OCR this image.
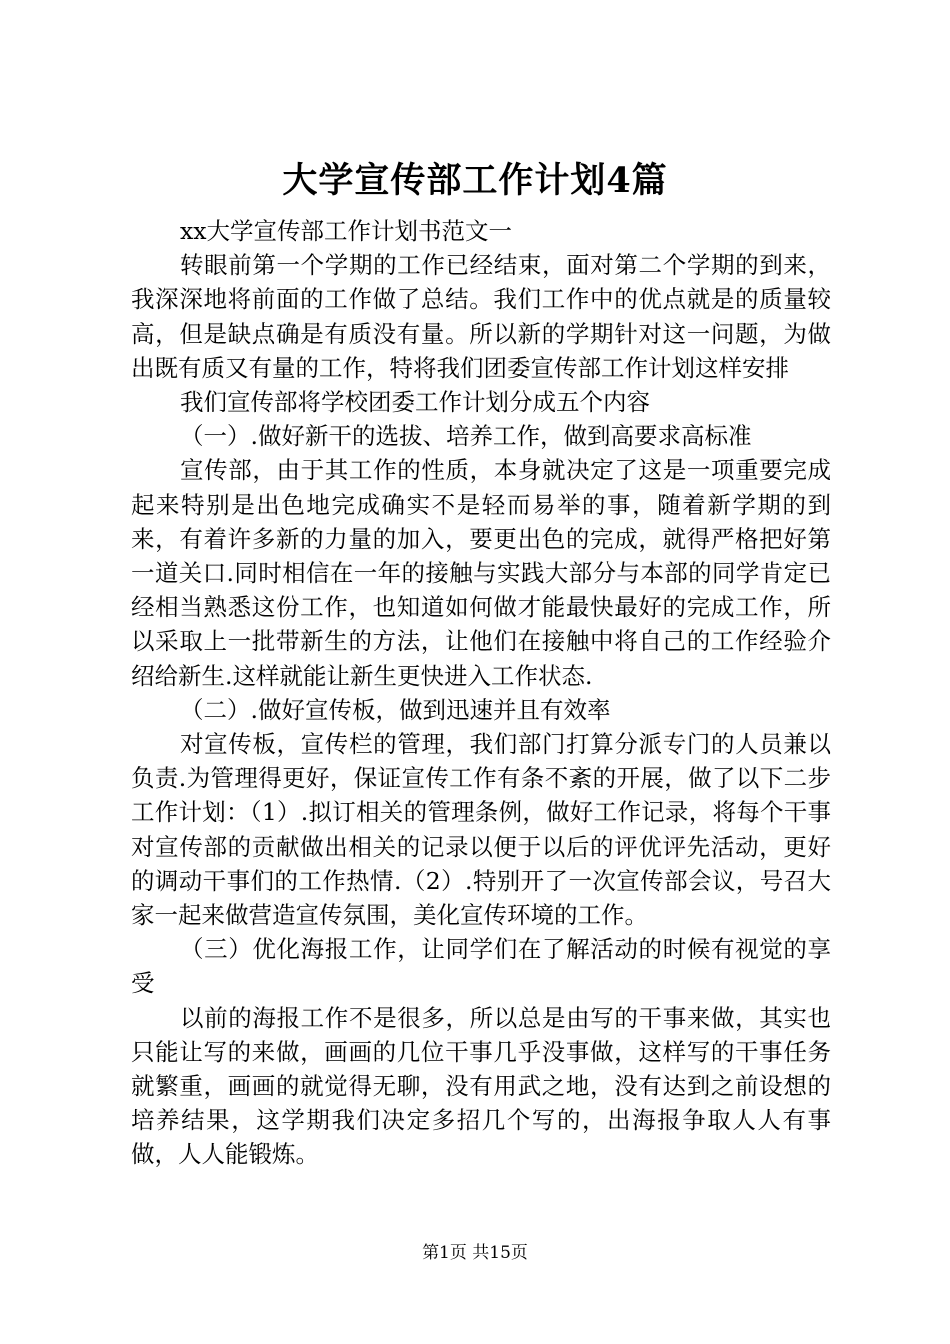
大学宣传部工作计划4篇

xx大学宣传部工作计划书范文一

转眼前第一个学期的工作已经结束，面对第二个学期的到来，我深深地将前面的工作做了总结。我们工作中的优点就是的质量较高，但是缺点确是有质没有量。所以新的学期针对这一问题，为做出既有质又有量的工作，特将我们团委宣传部工作计划这样安排

我们宣传部将学校团委工作计划分成五个内容

（一）.做好新干的选拔、培养工作，做到高要求高标准

宣传部，由于其工作的性质，本身就决定了这是一项重要完成起来特别是出色地完成确实不是轻而易举的事，随着新学期的到来，有着许多新的力量的加入，要更出色的完成，就得严格把好第一道关口.同时相信在一年的接触与实践大部分与本部的同学肯定已经相当熟悉这份工作，也知道如何做才能最快最好的完成工作，所以采取上一批带新生的方法，让他们在接触中将自己的工作经验介绍给新生.这样就能让新生更快进入工作状态.

（二）.做好宣传板，做到迅速并且有效率

对宣传板，宣传栏的管理，我们部门打算分派专门的人员兼以负责.为管理得更好，保证宣传工作有条不紊的开展，做了以下二步工作计划：（1）.拟订相关的管理条例，做好工作记录，将每个干事对宣传部的贡献做出相关的记录以便于以后的评优评先活动，更好的调动干事们的工作热情.（2）.特别开了一次宣传部会议，号召大家一起来做营造宣传氛围，美化宣传环境的工作。

（三）优化海报工作，让同学们在了解活动的时候有视觉的享受

以前的海报工作不是很多，所以总是由写的干事来做，其实也只能让写的来做，画画的几位干事几乎没事做，这样写的干事任务就繁重，画画的就觉得无聊，没有用武之地，没有达到之前设想的培养结果，这学期我们决定多招几个写的，出海报争取人人有事做，人人能锻炼。

第1页 共15页
